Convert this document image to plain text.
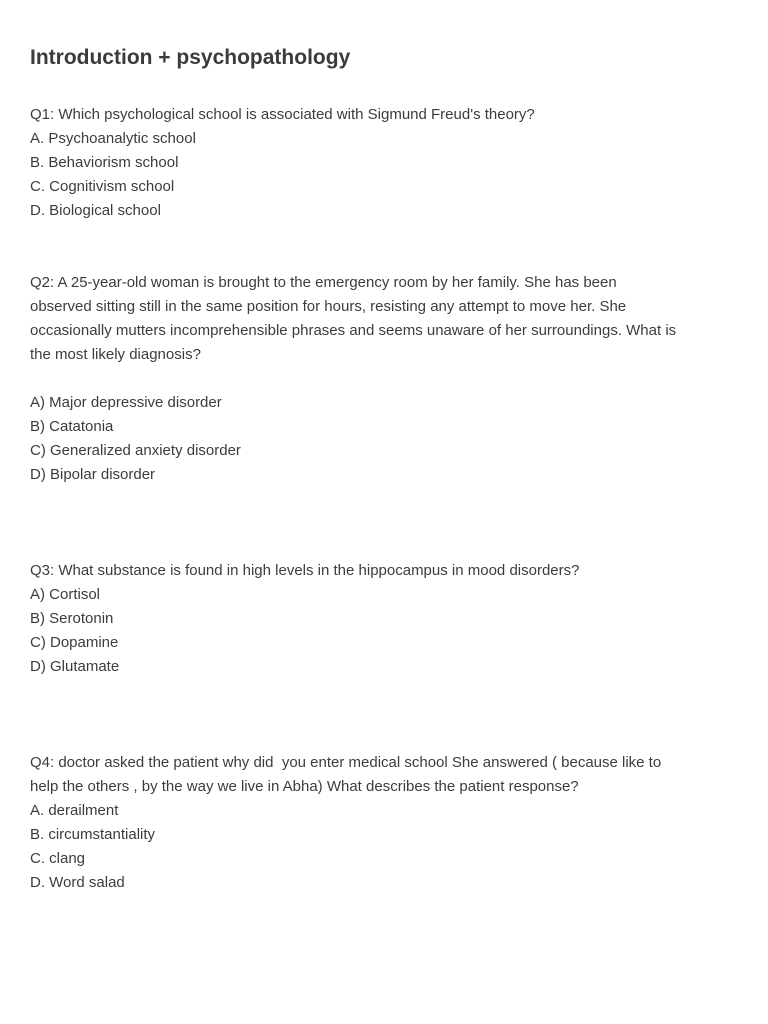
Introduction + psychopathology
Q1: Which psychological school is associated with Sigmund Freud's theory?
A. Psychoanalytic school
B. Behaviorism school
C. Cognitivism school
D. Biological school
Q2: A 25-year-old woman is brought to the emergency room by her family. She has been
observed sitting still in the same position for hours, resisting any attempt to move her. She
occasionally mutters incomprehensible phrases and seems unaware of her surroundings. What is
the most likely diagnosis?
A) Major depressive disorder
B) Catatonia
C) Generalized anxiety disorder
D) Bipolar disorder
Q3: What substance is found in high levels in the hippocampus in mood disorders?
A) Cortisol
B) Serotonin
C) Dopamine
D) Glutamate
Q4: doctor asked the patient why did  you enter medical school She answered ( because like to
help the others , by the way we live in Abha) What describes the patient response?
A. derailment
B. circumstantiality
C. clang
D. Word salad
